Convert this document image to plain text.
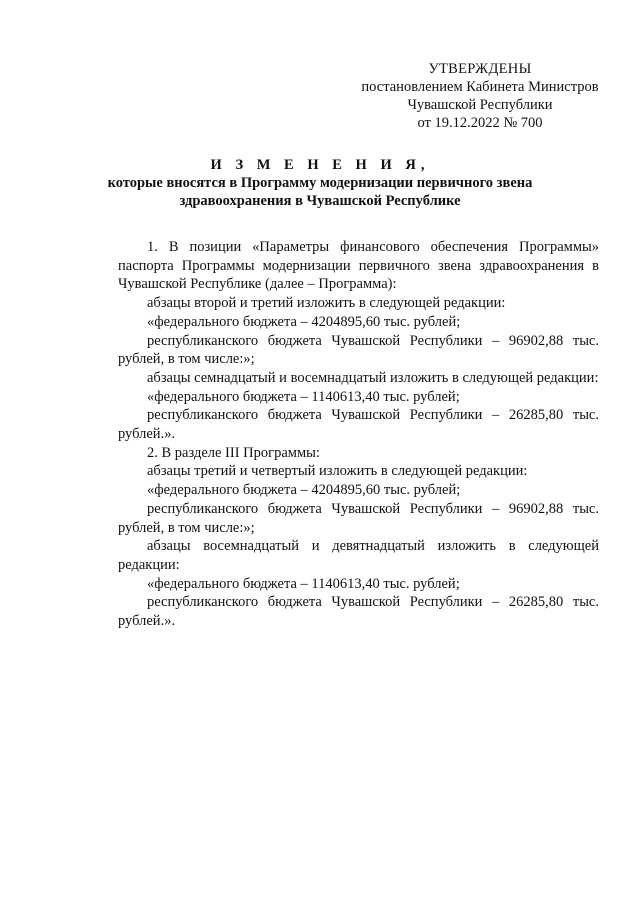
УТВЕРЖДЕНЫ
постановлением Кабинета Министров
Чувашской Республики
от 19.12.2022 № 700
И З М Е Н Е Н И Я,
которые вносятся в Программу модернизации первичного звена
здравоохранения в Чувашской Республике

1. В позиции «Параметры финансового обеспечения Программы» паспорта Программы модернизации первичного звена здравоохранения в Чувашской Республике (далее – Программа):

абзацы второй и третий изложить в следующей редакции:

«федерального бюджета – 4204895,60 тыс. рублей;

республиканского бюджета Чувашской Республики – 96902,88 тыс. рублей, в том числе:»;

абзацы семнадцатый и восемнадцатый изложить в следующей редакции:

«федерального бюджета – 1140613,40 тыс. рублей;

республиканского бюджета Чувашской Республики – 26285,80 тыс. рублей.».

2. В разделе III Программы:

абзацы третий и четвертый изложить в следующей редакции:

«федерального бюджета – 4204895,60 тыс. рублей;

республиканского бюджета Чувашской Республики – 96902,88 тыс. рублей, в том числе:»;

абзацы восемнадцатый и девятнадцатый изложить в следующей редакции:

«федерального бюджета – 1140613,40 тыс. рублей;

республиканского бюджета Чувашской Республики – 26285,80 тыс. рублей.».
